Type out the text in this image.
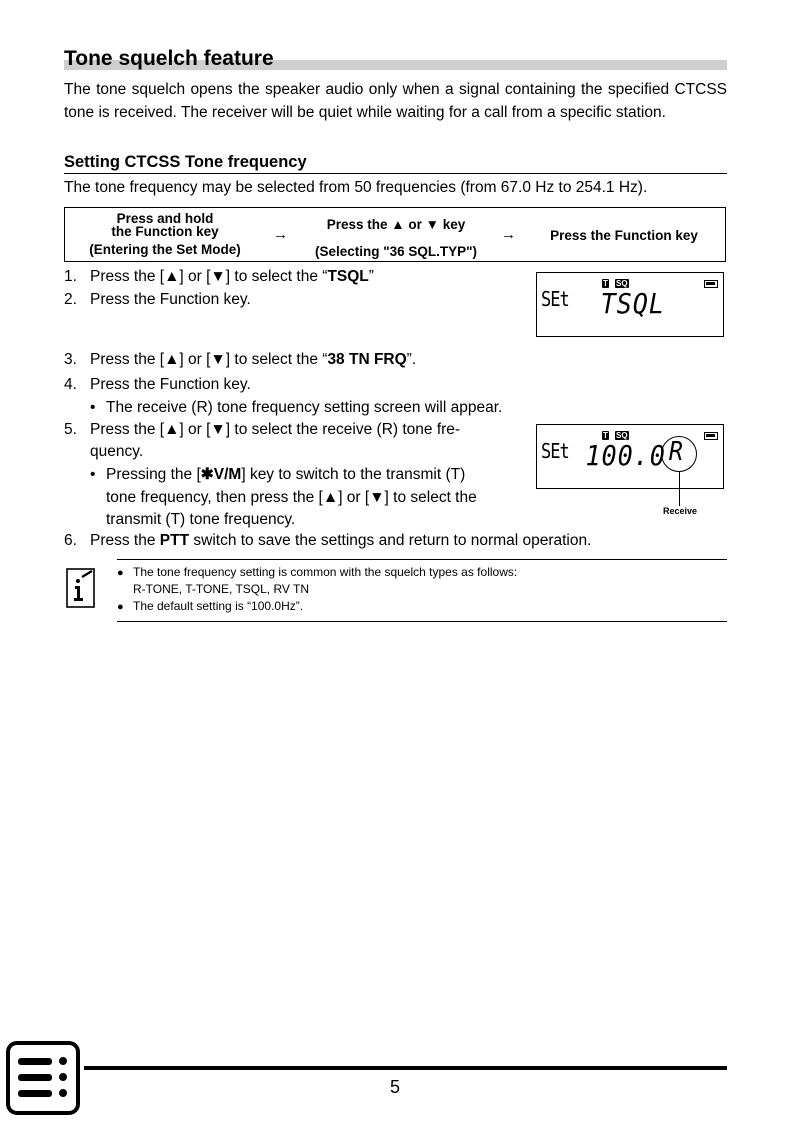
Tone squelch feature
The tone squelch opens the speaker audio only when a signal containing the specified CTCSS tone is received. The receiver will be quiet while waiting for a call from a specific station.
Setting CTCSS Tone frequency
The tone frequency may be selected from 50 frequencies (from 67.0 Hz to 254.1 Hz).
Press and hold
the Function key
(Entering the Set Mode)
→
Press the ▲ or ▼ key
(Selecting "36 SQL.TYP")
→	Press the Function key
1. Press the [▲] or [▼] to select the “TSQL”
2. Press the Function key.
T SQ
SEt TSQL
3. Press the [▲] or [▼] to select the “38 TN FRQ”.
4. Press the Function key.
• The receive (R) tone frequency setting screen will appear.
5. Press the [▲] or [▼] to select the receive (R) tone fre-
quency.
• Pressing the [✱V/M] key to switch to the transmit (T)
tone frequency, then press the [▲] or [▼] to select the
transmit (T) tone frequency.
T SQ
SEt 100.0 R
Receive
6. Press the PTT switch to save the settings and return to normal operation.
● The tone frequency setting is common with the squelch types as follows:
R-TONE, T-TONE, TSQL, RV TN
● The default setting is “100.0Hz”.
5
